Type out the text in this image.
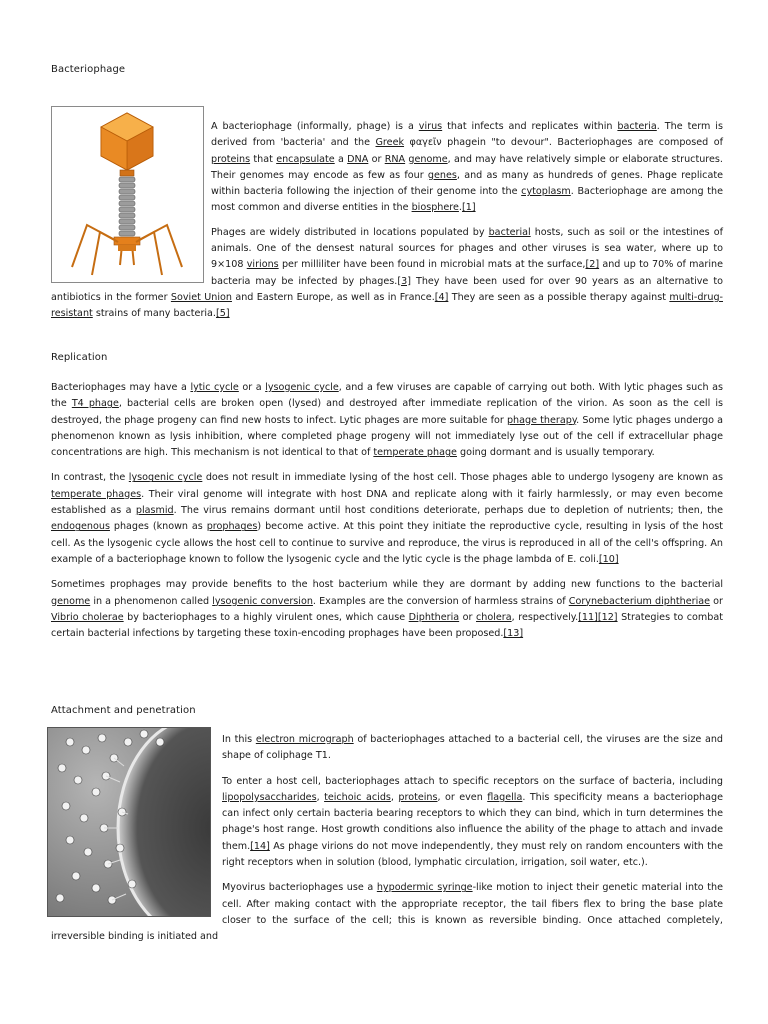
Bacteriophage

A bacteriophage (informally, phage) is a virus that infects and replicates within bacteria. The term is derived from 'bacteria' and the Greek φαγεῖν phagein "to devour". Bacteriophages are composed of proteins that encapsulate a DNA or RNA genome, and may have relatively simple or elaborate structures. Their genomes may encode as few as four genes, and as many as hundreds of genes. Phage replicate within bacteria following the injection of their genome into the cytoplasm. Bacteriophage are among the most common and diverse entities in the biosphere.[1]

Phages are widely distributed in locations populated by bacterial hosts, such as soil or the intestines of animals. One of the densest natural sources for phages and other viruses is sea water, where up to 9×108 virions per milliliter have been found in microbial mats at the surface,[2] and up to 70% of marine bacteria may be infected by phages.[3] They have been used for over 90 years as an alternative to antibiotics in the former Soviet Union and Eastern Europe, as well as in France.[4] They are seen as a possible therapy against multi-drug-resistant strains of many bacteria.[5]

Replication

Bacteriophages may have a lytic cycle or a lysogenic cycle, and a few viruses are capable of carrying out both. With lytic phages such as the T4 phage, bacterial cells are broken open (lysed) and destroyed after immediate replication of the virion. As soon as the cell is destroyed, the phage progeny can find new hosts to infect. Lytic phages are more suitable for phage therapy. Some lytic phages undergo a phenomenon known as lysis inhibition, where completed phage progeny will not immediately lyse out of the cell if extracellular phage concentrations are high. This mechanism is not identical to that of temperate phage going dormant and is usually temporary.

In contrast, the lysogenic cycle does not result in immediate lysing of the host cell. Those phages able to undergo lysogeny are known as temperate phages. Their viral genome will integrate with host DNA and replicate along with it fairly harmlessly, or may even become established as a plasmid. The virus remains dormant until host conditions deteriorate, perhaps due to depletion of nutrients; then, the endogenous phages (known as prophages) become active. At this point they initiate the reproductive cycle, resulting in lysis of the host cell. As the lysogenic cycle allows the host cell to continue to survive and reproduce, the virus is reproduced in all of the cell's offspring. An example of a bacteriophage known to follow the lysogenic cycle and the lytic cycle is the phage lambda of E. coli.[10]

Sometimes prophages may provide benefits to the host bacterium while they are dormant by adding new functions to the bacterial genome in a phenomenon called lysogenic conversion. Examples are the conversion of harmless strains of Corynebacterium diphtheriae or Vibrio cholerae by bacteriophages to a highly virulent ones, which cause Diphtheria or cholera, respectively.[11][12] Strategies to combat certain bacterial infections by targeting these toxin-encoding prophages have been proposed.[13]

Attachment and penetration

In this electron micrograph of bacteriophages attached to a bacterial cell, the viruses are the size and shape of coliphage T1.

To enter a host cell, bacteriophages attach to specific receptors on the surface of bacteria, including lipopolysaccharides, teichoic acids, proteins, or even flagella. This specificity means a bacteriophage can infect only certain bacteria bearing receptors to which they can bind, which in turn determines the phage's host range. Host growth conditions also influence the ability of the phage to attach and invade them.[14] As phage virions do not move independently, they must rely on random encounters with the right receptors when in solution (blood, lymphatic circulation, irrigation, soil water, etc.).

Myovirus bacteriophages use a hypodermic syringe-like motion to inject their genetic material into the cell. After making contact with the appropriate receptor, the tail fibers flex to bring the base plate closer to the surface of the cell; this is known as reversible binding. Once attached completely, irreversible binding is initiated and
